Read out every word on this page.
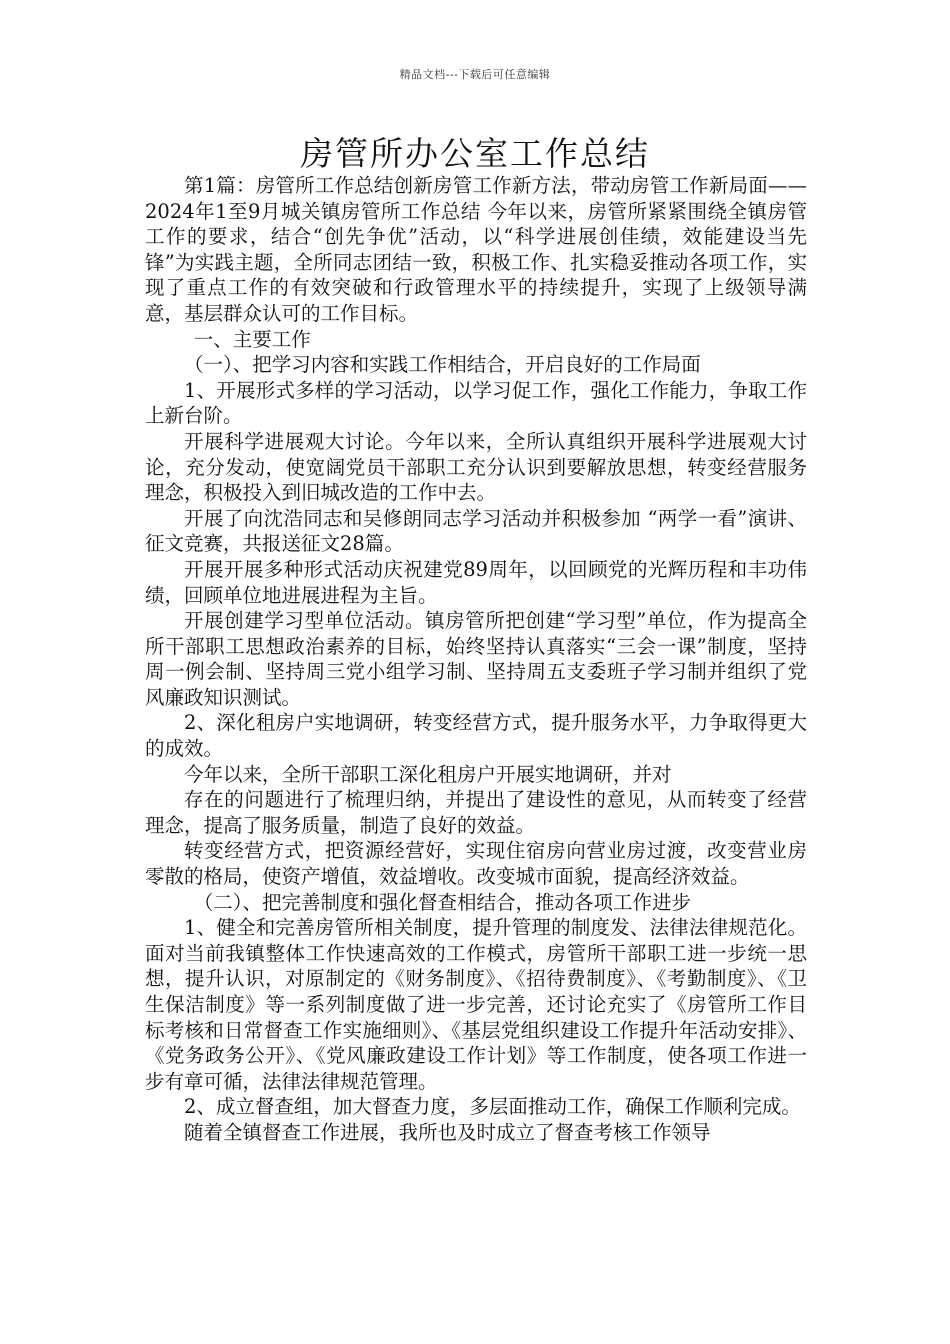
精品文档---下载后可任意编辑
房管所办公室工作总结

第1篇：房管所工作总结创新房管工作新方法，带动房管工作新局面——2024年1至9月城关镇房管所工作总结 今年以来，房管所紧紧围绕全镇房管工作的要求，结合“创先争优”活动，以“科学进展创佳绩，效能建设当先锋”为实践主题，全所同志团结一致，积极工作、扎实稳妥推动各项工作，实现了重点工作的有效突破和行政管理水平的持续提升，实现了上级领导满意，基层群众认可的工作目标。

一、主要工作

（一）、把学习内容和实践工作相结合，开启良好的工作局面

1、开展形式多样的学习活动，以学习促工作，强化工作能力，争取工作上新台阶。

开展科学进展观大讨论。今年以来，全所认真组织开展科学进展观大讨论，充分发动，使宽阔党员干部职工充分认识到要解放思想，转变经营服务理念，积极投入到旧城改造的工作中去。

开展了向沈浩同志和吴修朗同志学习活动并积极参加 “两学一看”演讲、征文竞赛，共报送征文28篇。

开展开展多种形式活动庆祝建党89周年，以回顾党的光辉历程和丰功伟绩，回顾单位地进展进程为主旨。

开展创建学习型单位活动。镇房管所把创建“学习型”单位，作为提高全所干部职工思想政治素养的目标，始终坚持认真落实“三会一课”制度，坚持周一例会制、坚持周三党小组学习制、坚持周五支委班子学习制并组织了党风廉政知识测试。

2、深化租房户实地调研，转变经营方式，提升服务水平，力争取得更大的成效。

今年以来，全所干部职工深化租房户开展实地调研，并对

存在的问题进行了梳理归纳，并提出了建设性的意见，从而转变了经营理念，提高了服务质量，制造了良好的效益。

转变经营方式，把资源经营好，实现住宿房向营业房过渡，改变营业房零散的格局，使资产增值，效益增收。改变城市面貌，提高经济效益。

（二）、把完善制度和强化督查相结合，推动各项工作进步

1、健全和完善房管所相关制度，提升管理的制度发、法律法律规范化。 面对当前我镇整体工作快速高效的工作模式，房管所干部职工进一步统一思想，提升认识，对原制定的《财务制度》、《招待费制度》、《考勤制度》、《卫生保洁制度》等一系列制度做了进一步完善，还讨论充实了《房管所工作目标考核和日常督查工作实施细则》、《基层党组织建设工作提升年活动安排》、《党务政务公开》、《党风廉政建设工作计划》等工作制度，使各项工作进一步有章可循，法律法律规范管理。

2、成立督查组，加大督查力度，多层面推动工作，确保工作顺利完成。

随着全镇督查工作进展，我所也及时成立了督查考核工作领导
